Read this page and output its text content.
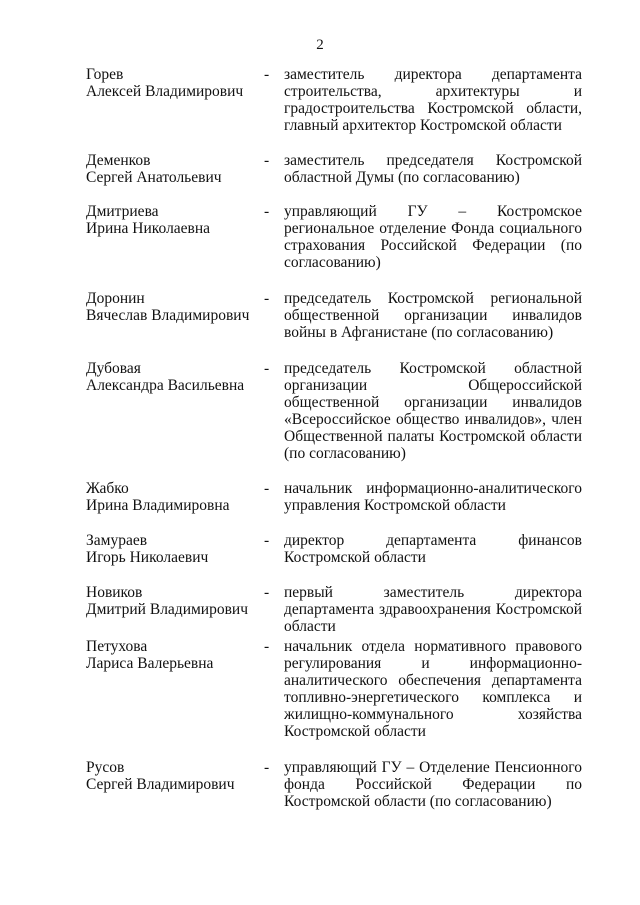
2
Горев
Алексей Владимирович
- заместитель директора департамента строительства, архитектуры и градостроительства Костромской области, главный архитектор Костромской области
Деменков
Сергей Анатольевич
- заместитель председателя Костромской областной Думы (по согласованию)
Дмитриева
Ирина Николаевна
- управляющий ГУ – Костромское региональное отделение Фонда социального страхования Российской Федерации (по согласованию)
Доронин
Вячеслав Владимирович
- председатель Костромской региональной общественной организации инвалидов войны в Афганистане (по согласованию)
Дубовая
Александра Васильевна
- председатель Костромской областной организации Общероссийской общественной организации инвалидов «Всероссийское общество инвалидов», член Общественной палаты Костромской области (по согласованию)
Жабко
Ирина Владимировна
- начальник информационно-аналитического управления Костромской области
Замураев
Игорь Николаевич
- директор департамента финансов Костромской области
Новиков
Дмитрий Владимирович
- первый заместитель директора департамента здравоохранения Костромской области
Петухова
Лариса Валерьевна
- начальник отдела нормативного правового регулирования и информационно-аналитического обеспечения департамента топливно-энергетического комплекса и жилищно-коммунального хозяйства Костромской области
Русов
Сергей Владимирович
- управляющий ГУ – Отделение Пенсионного фонда Российской Федерации по Костромской области (по согласованию)
